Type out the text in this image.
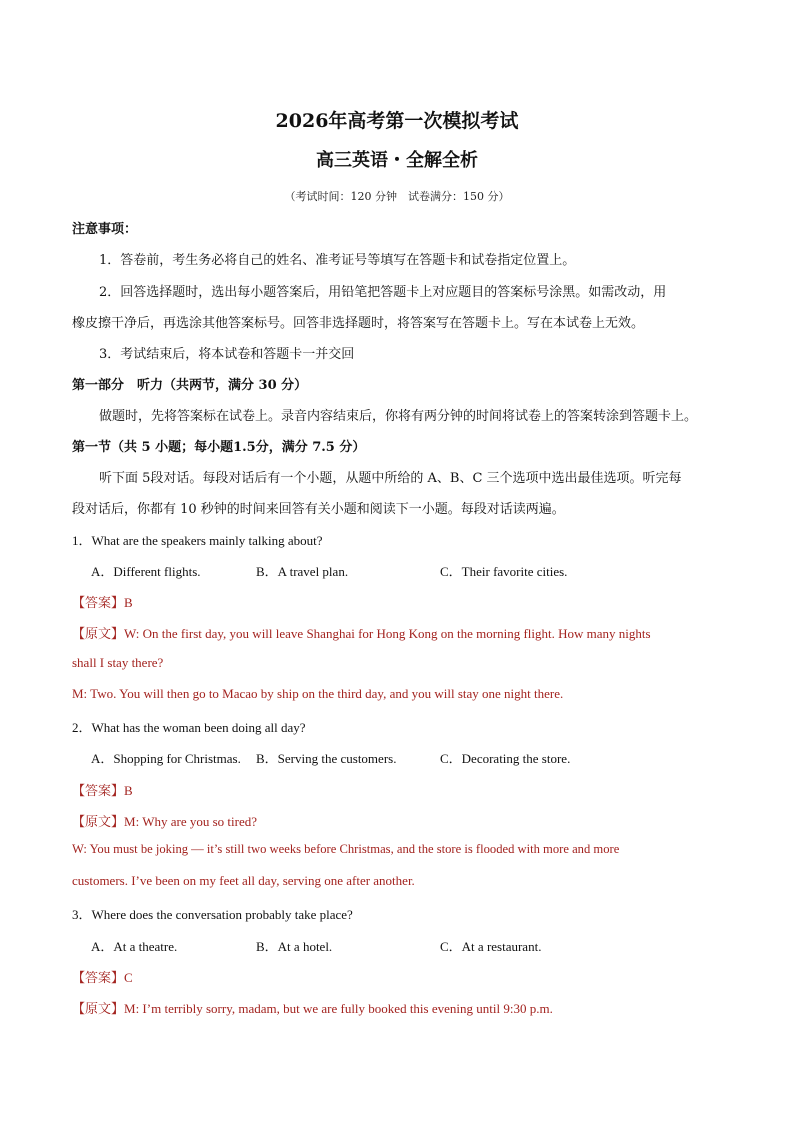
2026年高考第一次模拟考试
高三英语・全解全析
（考试时间：120 分钟　试卷满分：150 分）
注意事项：
1．答卷前，考生务必将自己的姓名、准考证号等填写在答题卡和试卷指定位置上。
2．回答选择题时，选出每小题答案后，用铅笔把答题卡上对应题目的答案标号涂黑。如需改动，用
橡皮擦干净后，再选涂其他答案标号。回答非选择题时，将答案写在答题卡上。写在本试卷上无效。
3．考试结束后，将本试卷和答题卡一并交回
第一部分　听力（共两节，满分 30 分）
做题时，先将答案标在试卷上。录音内容结束后，你将有两分钟的时间将试卷上的答案转涂到答题卡上。
第一节（共 5 小题；每小题1.5分，满分 7.5 分）
听下面 5段对话。每段对话后有一个小题，从题中所给的 A、B、C 三个选项中选出最佳选项。听完每
段对话后，你都有 10 秒钟的时间来回答有关小题和阅读下一小题。每段对话读两遍。
1．What are the speakers mainly talking about?
A．Different flights.	B．A travel plan.	C．Their favorite cities.
【答案】B
【原文】W: On the first day, you will leave Shanghai for Hong Kong on the morning flight. How many nights
shall I stay there?
M: Two. You will then go to Macao by ship on the third day, and you will stay one night there.
2．What has the woman been doing all day?
A．Shopping for Christmas. B．Serving the customers.	C．Decorating the store.
【答案】B
【原文】M: Why are you so tired?
W: You must be joking — it’s still two weeks before Christmas, and the store is flooded with more and more
customers. I’ve been on my feet all day, serving one after another.
3．Where does the conversation probably take place?
A．At a theatre.	B．At a hotel.	C．At a restaurant.
【答案】C
【原文】M: I’m terribly sorry, madam, but we are fully booked this evening until 9:30 p.m.
